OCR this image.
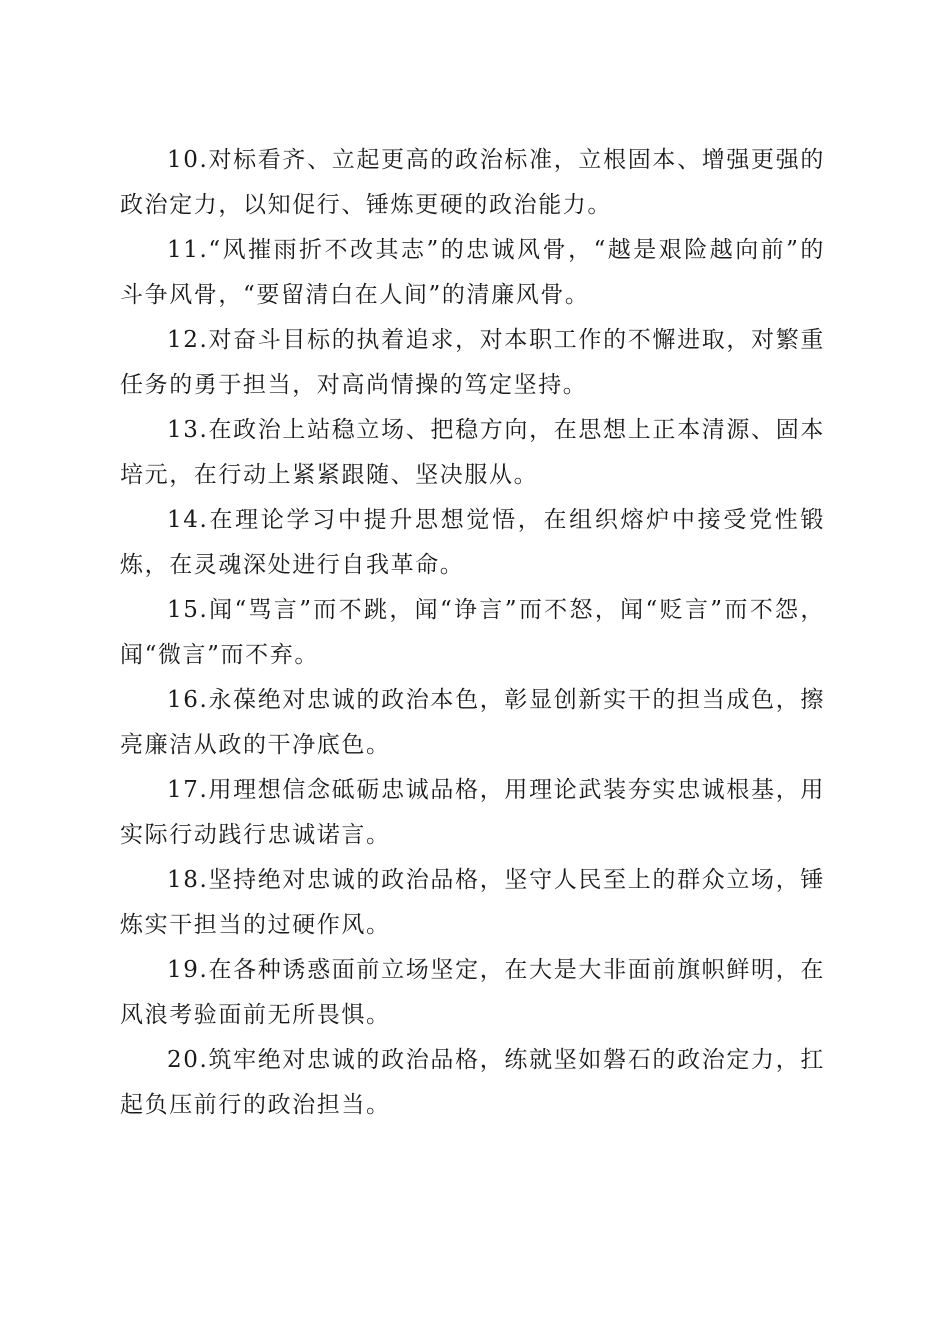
10.对标看齐、立起更高的政治标准，立根固本、增强更强的政治定力，以知促行、锤炼更硬的政治能力。

11.“风摧雨折不改其志”的忠诚风骨，“越是艰险越向前”的斗争风骨，“要留清白在人间”的清廉风骨。

12.对奋斗目标的执着追求，对本职工作的不懈进取，对繁重任务的勇于担当，对高尚情操的笃定坚持。

13.在政治上站稳立场、把稳方向，在思想上正本清源、固本培元，在行动上紧紧跟随、坚决服从。

14.在理论学习中提升思想觉悟，在组织熔炉中接受党性锻炼，在灵魂深处进行自我革命。

15.闻“骂言”而不跳，闻“诤言”而不怒，闻“贬言”而不怨，闻“微言”而不弃。

16.永葆绝对忠诚的政治本色，彰显创新实干的担当成色，擦亮廉洁从政的干净底色。

17.用理想信念砥砺忠诚品格，用理论武装夯实忠诚根基，用实际行动践行忠诚诺言。

18.坚持绝对忠诚的政治品格，坚守人民至上的群众立场，锤炼实干担当的过硬作风。

19.在各种诱惑面前立场坚定，在大是大非面前旗帜鲜明，在风浪考验面前无所畏惧。

20.筑牢绝对忠诚的政治品格，练就坚如磐石的政治定力，扛起负压前行的政治担当。
